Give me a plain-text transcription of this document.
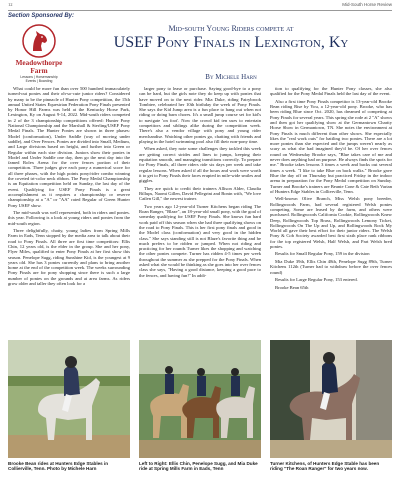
12	Mid-South Horse Review
Section Sponsored By:
Meadowthorpe
Farm
Lessons | Horsemanship
Events | Boarding
Mid-south Young Riders compete at
USEF Pony Finals in Lexington, Ky
By Michele Harn

What could be more fun than over 500 hundred immaculately turned-out ponies and their oh-so-cute junior riders? Considered by many to be the pinnacle of Hunter Pony competition, the 15th annual United States Equestrian Federation Pony Finals presented by Honor Hill Farms was held at the Kentucky Horse Park, Lexington, Ky on August 9-14, 2022. Mid-south riders competed in 2 of the 3 championship competitions offered: Hunter Pony National Championship and the Marshall & Sterling/USEF Pony Medal Finals. The Hunter Ponies are shown in three phases: Model (conformation), Under Saddle (way of moving under saddle), and Over Fences. Ponies are divided into Small, Medium, and Large divisions based on height, and further into Green or Regular within each size division. Juniors show their ponies in Model and Under Saddle one day, then go the next day into the famed Rolex Arena for the over fences portion of their competition. Three judges give each pony a numerical score for all three phases, with the high points pony/rider combo winning the coveted tri-color neck ribbon. The Pony Medal Championship is an Equitation competition held on Sunday, the last day of the event. Qualifying for USEF Pony Finals is a great accomplishment as it requires a championship or reserve championship at a "A" or "AA" rated Regular of Green Hunter Pony USEF show.

The mid-south was well represented, both in riders and ponies. this year. Following is a look at young riders and ponies from the mid-south region.

Three delightfully, chatty, young ladies from Spring Mills Farm in Eads, Tenn stopped by the media area to talk about their road to Pony Finals. All three are first time competitors: Ellis Chin, 12 years old, is the elder in the group. She and her pony, Flyer Miles, qualified to enter Pony Finals at her first show this season. Penelope Sugg, riding Sunshine Kid, is the youngest at 9 years old. She has 3 ponies currently and plans to bring another home at the end of the competition week. The weeks surrounding Pony Finals are for pony shopping since there is such a large number of ponies on the grounds and at area farms. As riders grow older and taller they often look for a

larger pony to lease or purchase. Saying good-bye to a pony can be hard, but the girls note they do keep up with ponies that have moved on to the next rider. Mia Duke, riding Fairybrook Tombtee, celebrated her 10th birthday the week of Pony Finals. She says the Kid Jump area is a fun place to hang out when not riding or doing barn chores. It's a small jump course set for kid's to navigate 'on foot'. Now the crowd kid ten uses to entertain competitors and siblings alike during the competition week. There's also a vendor village with pony and young rider merchandise. Watching other ponies go, chatting with friends and playing in the hotel swimming pool also fill their non-pony time.

When asked, they note some challenges they tackled this week are getting correct strides and lines to jumps, keeping their equitation smooth, and managing transitions correctly. To prepare for Pony Finals, all three riders ride six days per week and take regular lessons. When asked if all the hours and work were worth it to get to Pony Finals their faces erupted in mile-wide smiles and giggles.

They are quick to credit their trainers Allison Alder, Claudia Billups, Naomi Gillen, David Pellegrini and Bonin with, "We love Cailen Gill," the newest trainer.

Two years ago 12-year-old Turner Kitchens began riding The Roan Ranger, "Blaze", an 18-year-old small pony, with the goal of someday qualifying for USEF Pony Finals. She knows fun hard work paid off this season when she had three qualifying shows on the road to Pony Finals. This is her first pony finals and good in the Model class (conformation) and very good in the hidden class." She says standing still is not Blaze's favorite thing and he much prefers to be ridden or jumped. When not riding and practicing for her rounds Turner likes the shopping and watching the other ponies compete. Turner has ridden 4-5 times per week throughout the summer as she prepped for the Pony Finals. When asked what she would be thinking as she goes into her over fences class she says, "Having a good distance, keeping a good pace to the fences, and having fun!" In addi-

tion to qualifying for the Hunter Pony classes, she also qualified for the Pony Medal Finals held the last day of the event.

Also a first time Pony Finals competitor is 13-year-old Brooke Bean riding Rise by You, a 12-year-old pony. Brooke, who has been riding Blue since Oct. 2020, has dreamed of competing at Pony Finals for several years. This spring she rode at 2 "A" shows and then got her qualifying show at the Germantown Charity Horse Show in Germantown, TN. She notes the environment at Pony Finals is much different than other shows. She especially likes the "real work outs" for battling two ponies. There are a lot more ponies than she expected and the jumps weren't nearly as scary as what she had imagined they'd be. Of her over fences round on Wednesday Brooke says, "Blue takes care of me and never does anything bad on purpose. He always finds the spots for me." Brooke takes lessons 3 times a week and backs out several times a week. "I like to take Blue on back walks." Brooke gave Blue the day off on Thursday but practiced Friday in the indoor arena in preparation for the Pony Medal competition on Sunday. Turner and Brooke's trainers are Beanie Cone & Cate Beth Varian of Hunters Edge Stables in Collierville, Tenn.

Well-known Olive Branch, Miss Welsh pony breeder, Rollingwoods Farm, had several registered Welsh ponies competing. Some are leased by the farm, and others were purchased. Rollingwoods California Cookie, Rollingwoods Knew Deep, Rollingwoods Top Brass, Rollingwoods Lemony Ticket, Rollingwoods On The Up and Up, and Rollingwoods Rock My World all gave their best effort for their junior riders. The Welsh Pony & Cob Society awarded best first sixth place rank ribbons for the top registered Welsh, Half Welsh, and Part Welsh bred ponies.

Results for Small Regular Pony, 159 in the division

Mia Duke 39th, Ellis Chin 48th, Penelope Sugg 89th, Turner Kitchens 112th (Turner had to withdraw before the over fences round)

Results for Large Regular Pony, 153 entered.

Brooke Bean 65th

Brooke Bean rides at Hunters Edge Stables in Collierville, Tenn. Photo by Michele Harn
Left to Right: Ellis Chin, Penelope Sugg, and Mia Duke ride at Spring Mills Farm in Eads, Tenn
Turner Kitchens, of Hunters Edge Stable has been riding "The Roan Ranger" for two years now.
